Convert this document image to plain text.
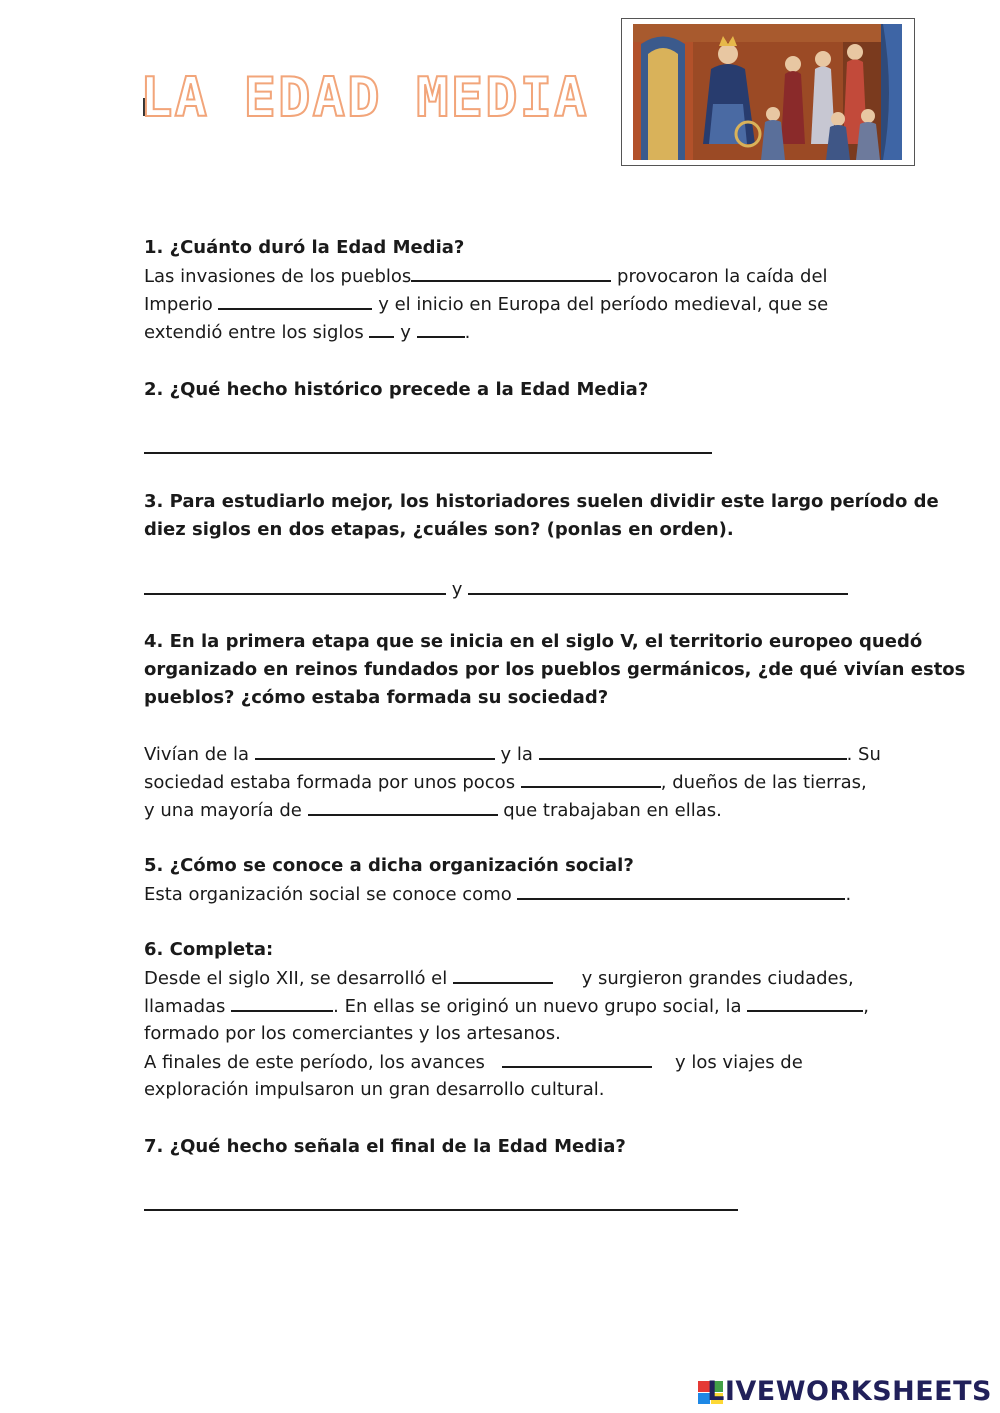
LA EDAD MEDIA
1. ¿Cuánto duró la Edad Media?
Las invasiones de los pueblos	provocaron la caída del
Imperio	y el inicio en Europa del período medieval, que se
extendió entre los siglos  y	.
2. ¿Qué hecho histórico precede a la Edad Media?
3. Para estudiarlo mejor, los historiadores suelen dividir este largo período de
diez siglos en dos etapas, ¿cuáles son? (ponlas en orden).
y
4. En la primera etapa que se inicia en el siglo V, el territorio europeo quedó
organizado en reinos fundados por los pueblos germánicos, ¿de qué vivían estos
pueblos? ¿cómo estaba formada su sociedad?
Vivían de la	y la	. Su
sociedad estaba formada por unos pocos	, dueños de las tierras,
y una mayoría de	que trabajaban en ellas.
5. ¿Cómo se conoce a dicha organización social?
Esta organización social se conoce como	.
6. Completa:
Desde el siglo XII, se desarrolló el	y surgieron grandes ciudades,
llamadas	. En ellas se originó un nuevo grupo social, la	,
formado por los comerciantes y los artesanos.
A finales de este período, los avances	y los viajes de
exploración impulsaron un gran desarrollo cultural.
7. ¿Qué hecho señala el final de la Edad Media?
LIVEWORKSHEETS
